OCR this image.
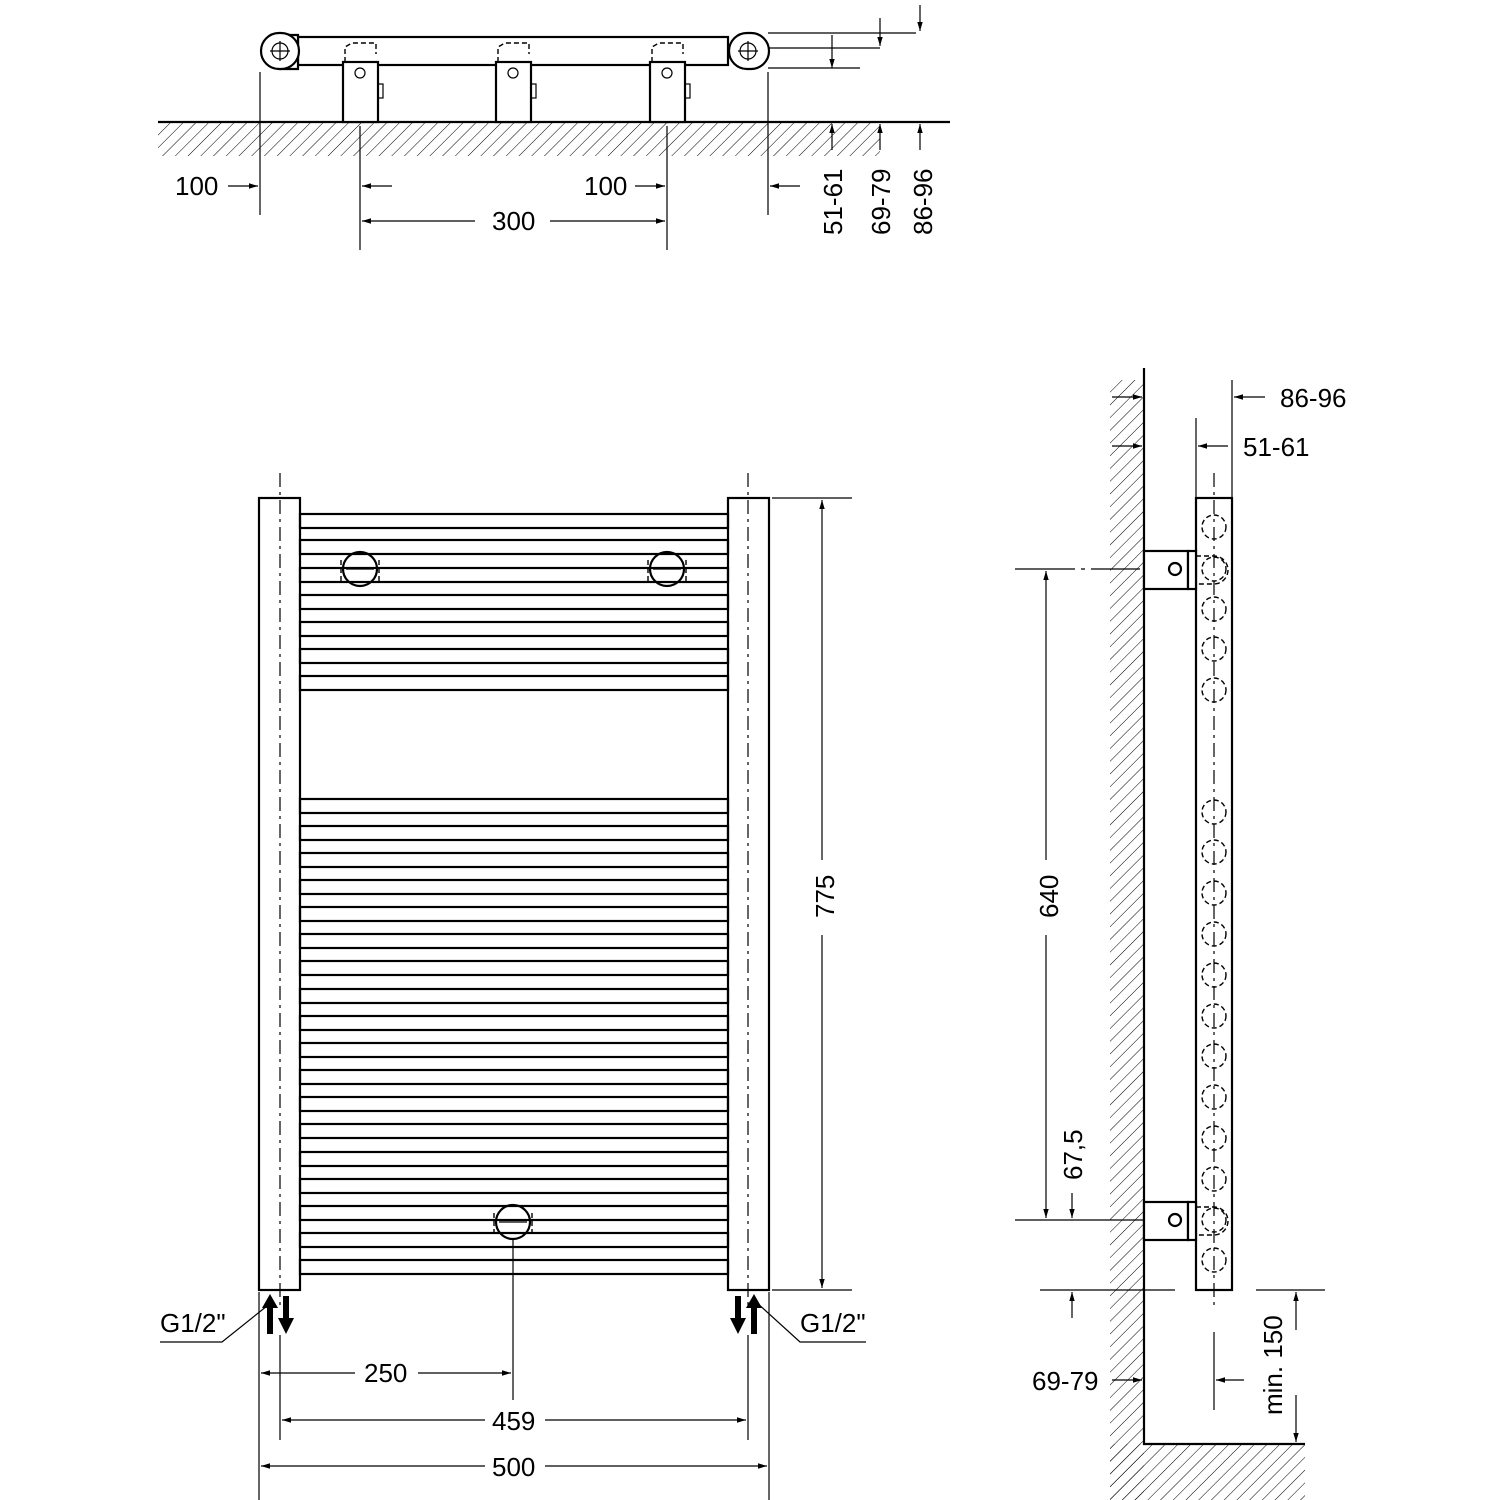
100	100
300	51-61 69-79 86-96
G1/2"	G1/2"
775
250
459
500
86-96
51-61
640
67,5
69-79	min. 150
